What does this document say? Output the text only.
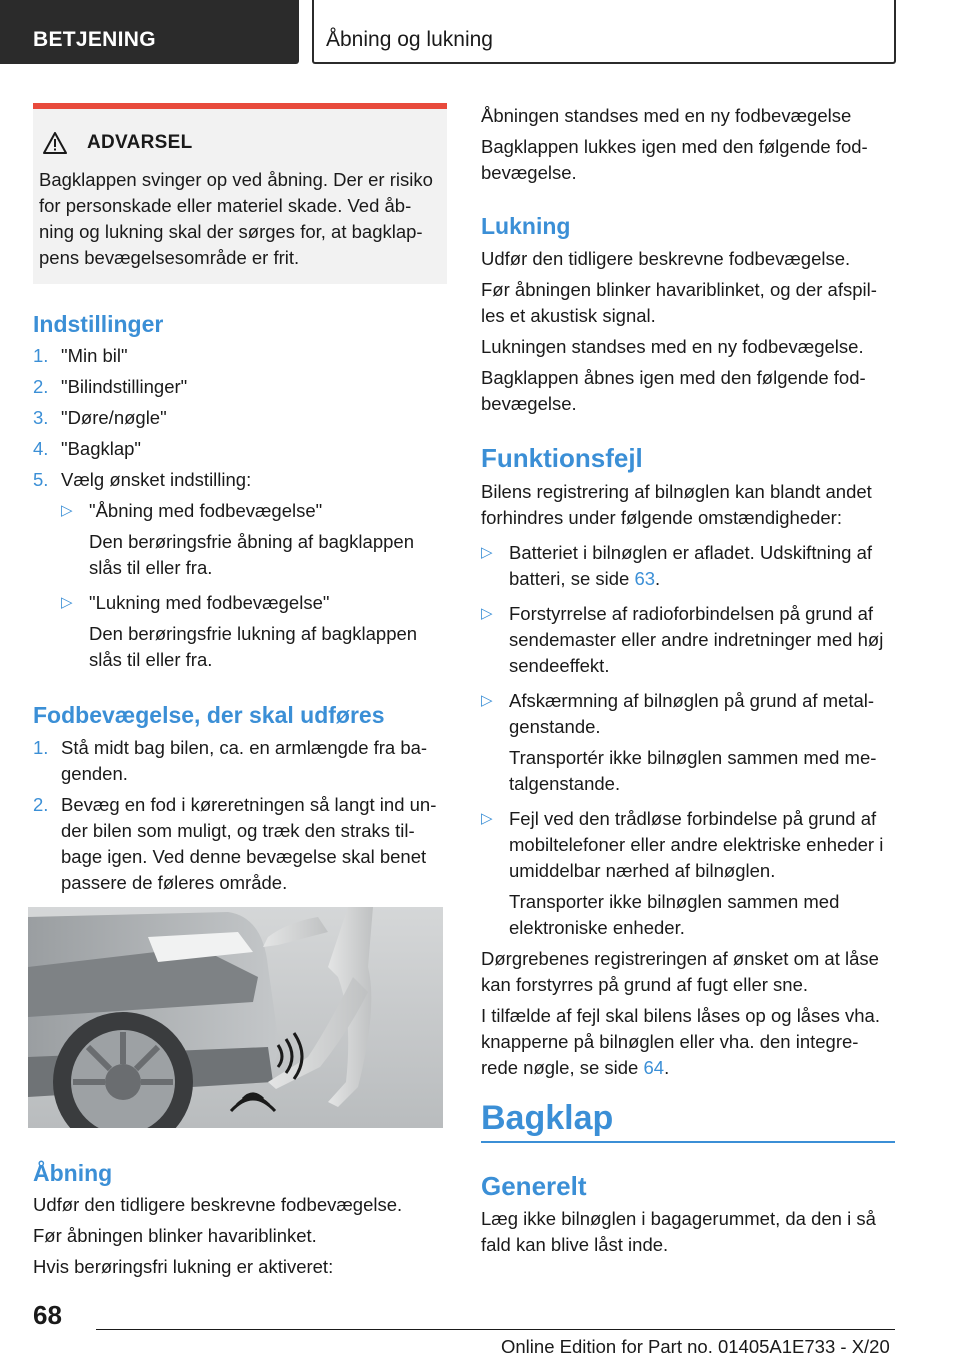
BETJENING	Åbning og lukning
ADVARSEL
Bagklappen svinger op ved åbning. Der er risiko
for personskade eller materiel skade. Ved åb‐
ning og lukning skal der sørges for, at bagklap‐
pens bevægelsesområde er frit.
Indstillinger
1. "Min bil"
2. "Bilindstillinger"
3. "Døre/nøgle"
4. "Bagklap"
5. Vælg ønsket indstilling:
▷ "Åbning med fodbevægelse"
Den berøringsfrie åbning af bagklappen
slås til eller fra.
▷ "Lukning med fodbevægelse"
Den berøringsfrie lukning af bagklappen
slås til eller fra.
Fodbevægelse, der skal udføres
1. Stå midt bag bilen, ca. en armlængde fra ba‐
genden.
2. Bevæg en fod i køreretningen så langt ind un‐
der bilen som muligt, og træk den straks til‐
bage igen. Ved denne bevægelse skal benet
passere de føleres område.
Åbning
Udfør den tidligere beskrevne fodbevægelse.
Før åbningen blinker havariblinket.
Hvis berøringsfri lukning er aktiveret:
Åbningen standses med en ny fodbevægelse
Bagklappen lukkes igen med den følgende fod‐
bevægelse.
Lukning
Udfør den tidligere beskrevne fodbevægelse.
Før åbningen blinker havariblinket, og der afspil‐
les et akustisk signal.
Lukningen standses med en ny fodbevægelse.
Bagklappen åbnes igen med den følgende fod‐
bevægelse.
Funktionsfejl
Bilens registrering af bilnøglen kan blandt andet
forhindres under følgende omstændigheder:
▷ Batteriet i bilnøglen er afladet. Udskiftning af
batteri, se side 63.
▷ Forstyrrelse af radioforbindelsen på grund af
sendemaster eller andre indretninger med høj
sendeeffekt.
▷ Afskærmning af bilnøglen på grund af metal‐
genstande.
Transportér ikke bilnøglen sammen med me‐
talgenstande.
▷ Fejl ved den trådløse forbindelse på grund af
mobiltelefoner eller andre elektriske enheder i
umiddelbar nærhed af bilnøglen.
Transporter ikke bilnøglen sammen med
elektroniske enheder.
Dørgrebenes registreringen af ønsket om at låse
kan forstyrres på grund af fugt eller sne.
I tilfælde af fejl skal bilens låses op og låses vha.
knapperne på bilnøglen eller vha. den integre‐
rede nøgle, se side 64.
Bagklap
Generelt
Læg ikke bilnøglen i bagagerummet, da den i så
fald kan blive låst inde.
68
Online Edition for Part no. 01405A1E733 - X/20
